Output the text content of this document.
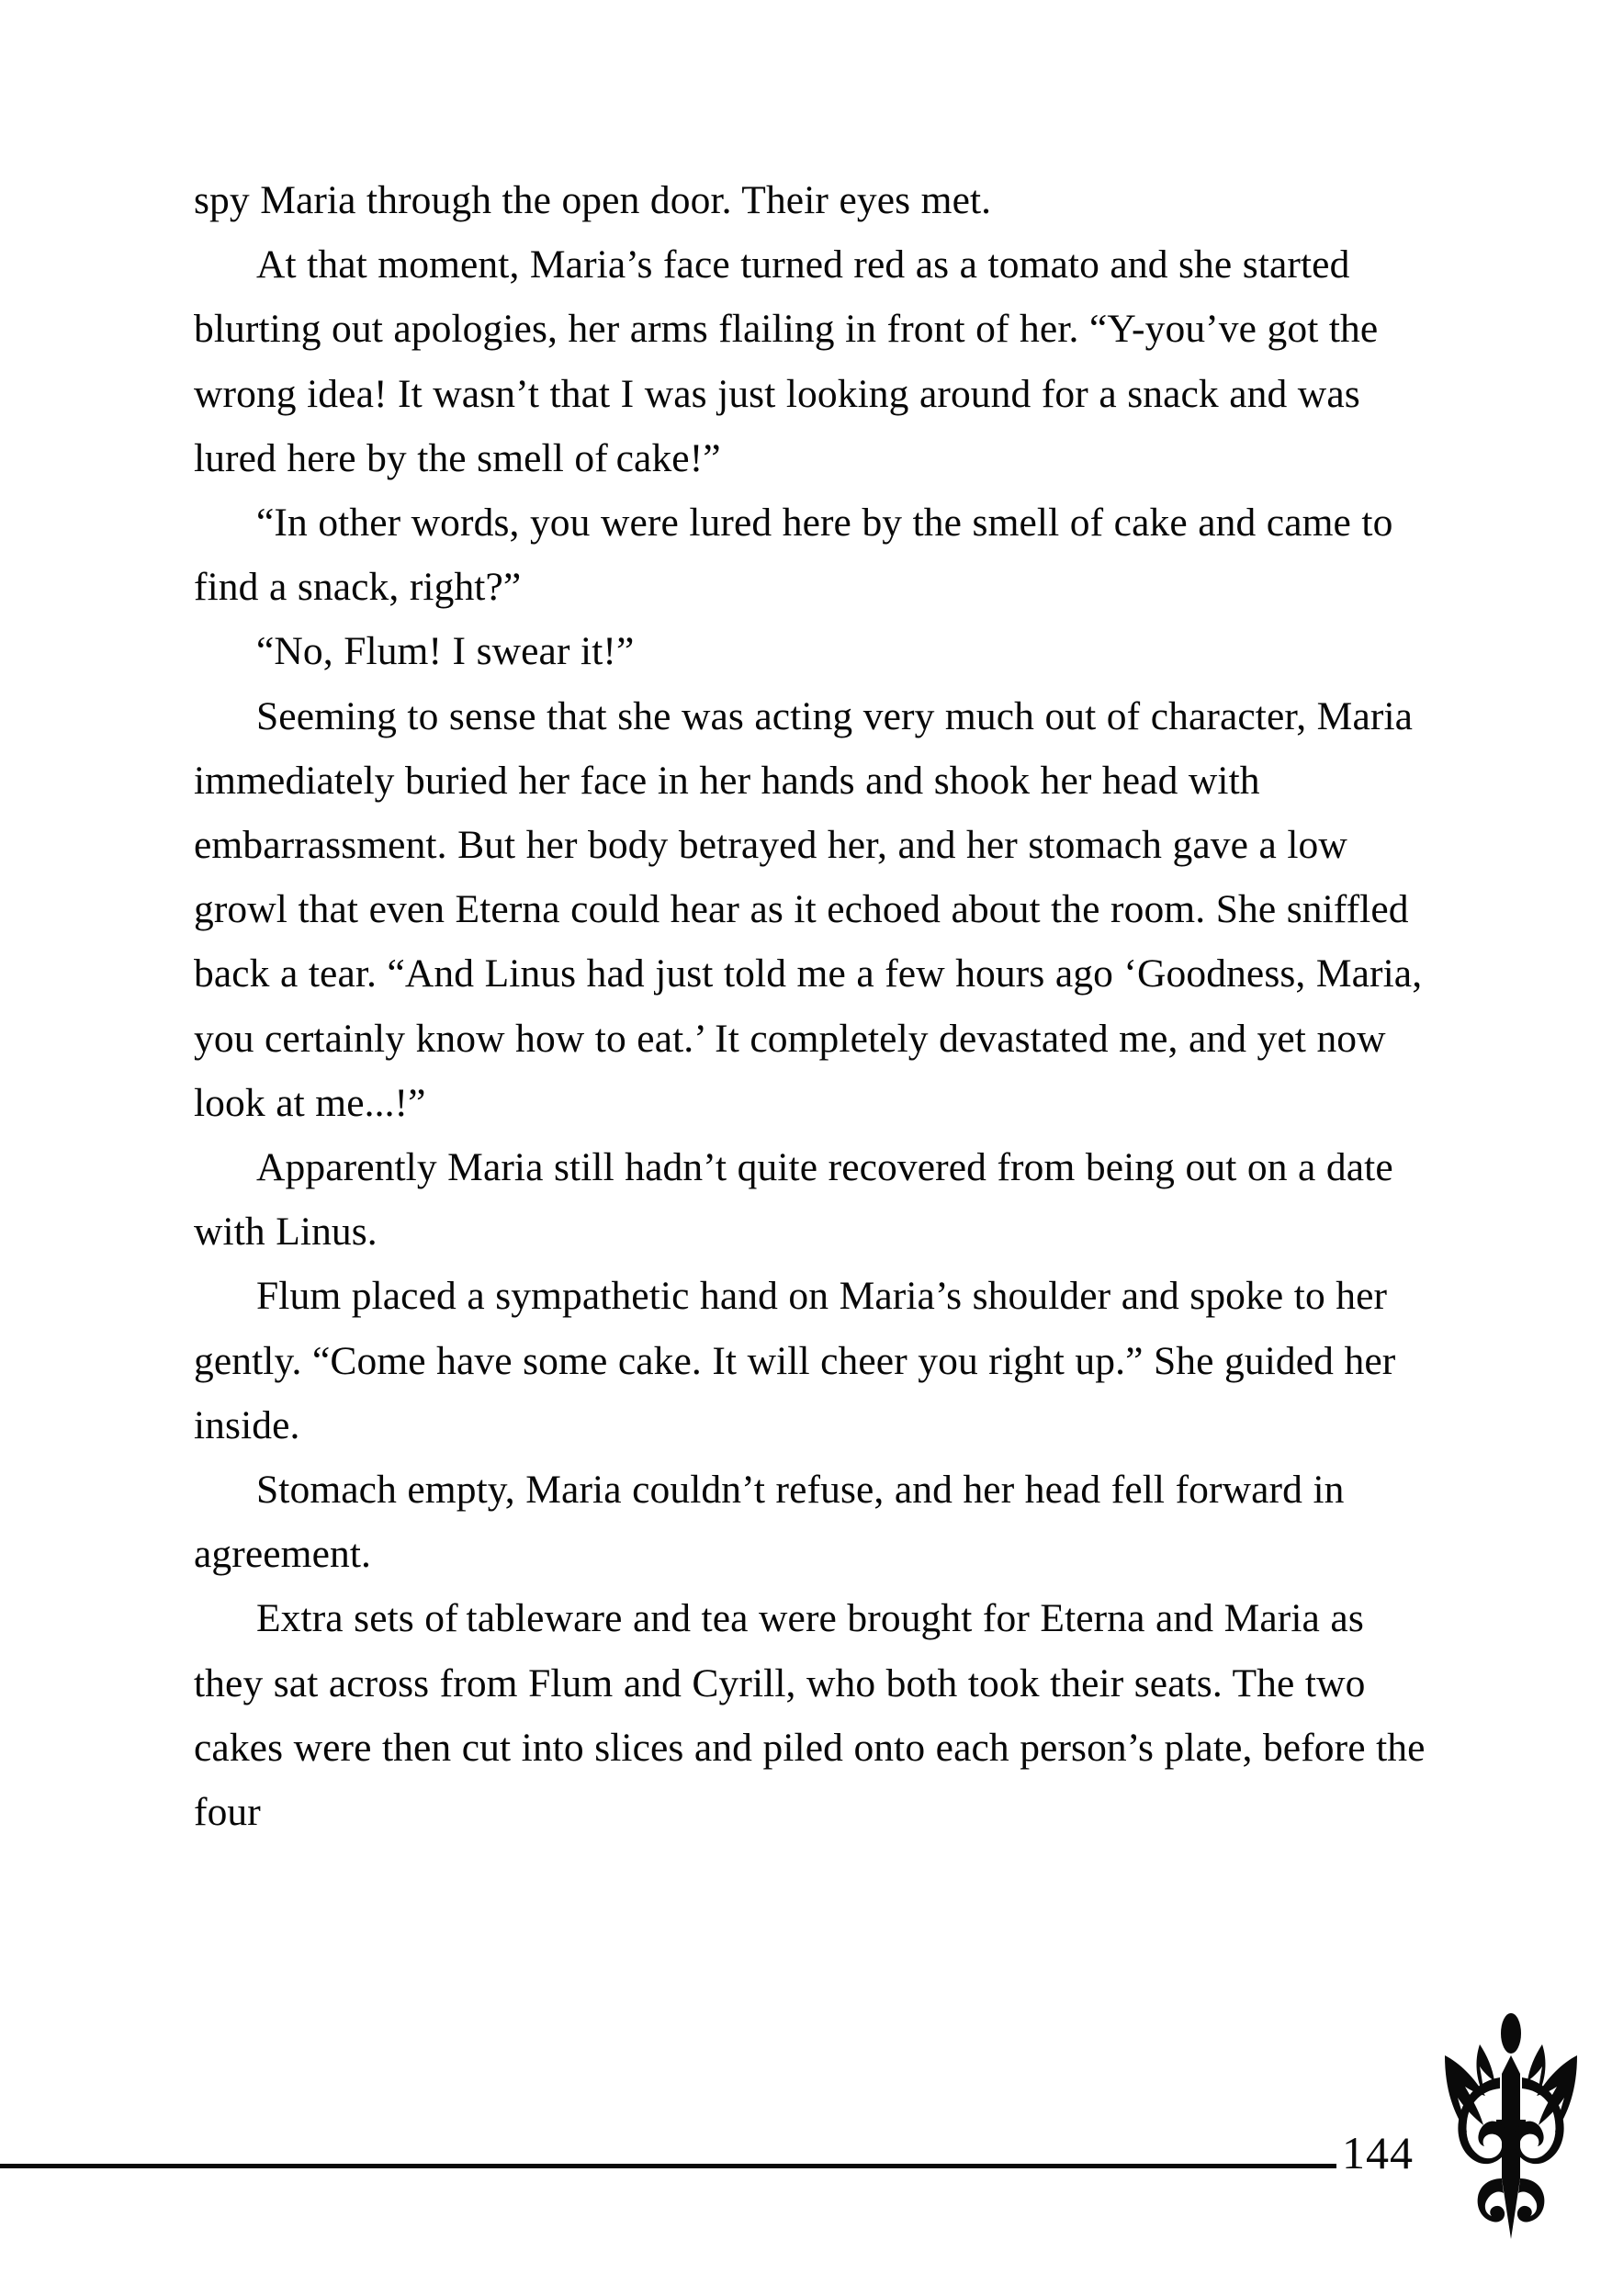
spy Maria through the open door. Their eyes met.

At that moment, Maria’s face turned red as a tomato and she started blurting out apologies, her arms flailing in front of her. “Y-you’ve got the wrong idea! It wasn’t that I was just looking around for a snack and was lured here by the smell of cake!”

“In other words, you were lured here by the smell of cake and came to find a snack, right?”

“No, Flum! I swear it!”

Seeming to sense that she was acting very much out of character, Maria immediately buried her face in her hands and shook her head with embarrassment. But her body betrayed her, and her stomach gave a low growl that even Eterna could hear as it echoed about the room. She sniffled back a tear. “And Linus had just told me a few hours ago ‘Goodness, Maria, you certainly know how to eat.’ It completely devastated me, and yet now look at me...!”

Apparently Maria still hadn’t quite recovered from being out on a date with Linus.

Flum placed a sympathetic hand on Maria’s shoulder and spoke to her gently. “Come have some cake. It will cheer you right up.” She guided her inside.

Stomach empty, Maria couldn’t refuse, and her head fell forward in agreement.

Extra sets of tableware and tea were brought for Eterna and Maria as they sat across from Flum and Cyrill, who both took their seats. The two cakes were then cut into slices and piled onto each person’s plate, before the four

144
